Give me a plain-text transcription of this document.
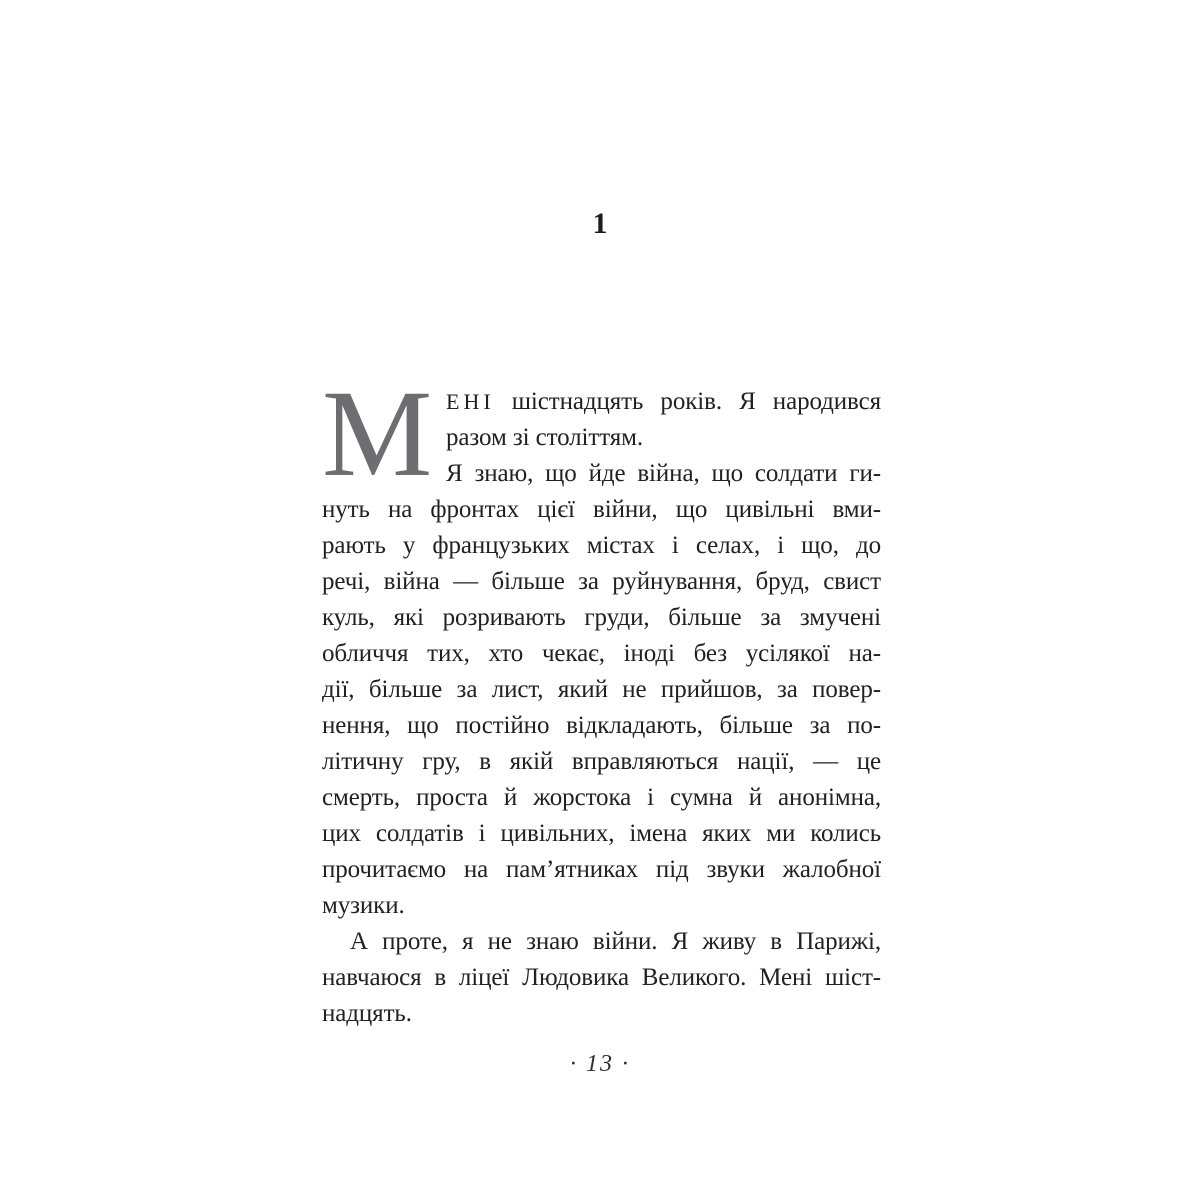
1
М ЕНІ шістнадцять років. Я народився
разом зі століттям.
Я знаю, що йде війна, що солдати ги-
нуть на фронтах цієї війни, що цивільні вми-
рають у французьких містах і селах, і що, до
речі, війна — більше за руйнування, бруд, свист
куль, які розривають груди, більше за змучені
обличчя тих, хто чекає, іноді без усілякої на-
дії, більше за лист, який не прийшов, за повер-
нення, що постійно відкладають, більше за по-
літичну гру, в якій вправляються нації, — це
смерть, проста й жорстока і сумна й анонімна,
цих солдатів і цивільних, імена яких ми колись
прочитаємо на пам’ятниках під звуки жалобної
музики.
А проте, я не знаю війни. Я живу в Парижі,
навчаюся в ліцеї Людовика Великого. Мені шіст-
надцять.
· 13 ·
